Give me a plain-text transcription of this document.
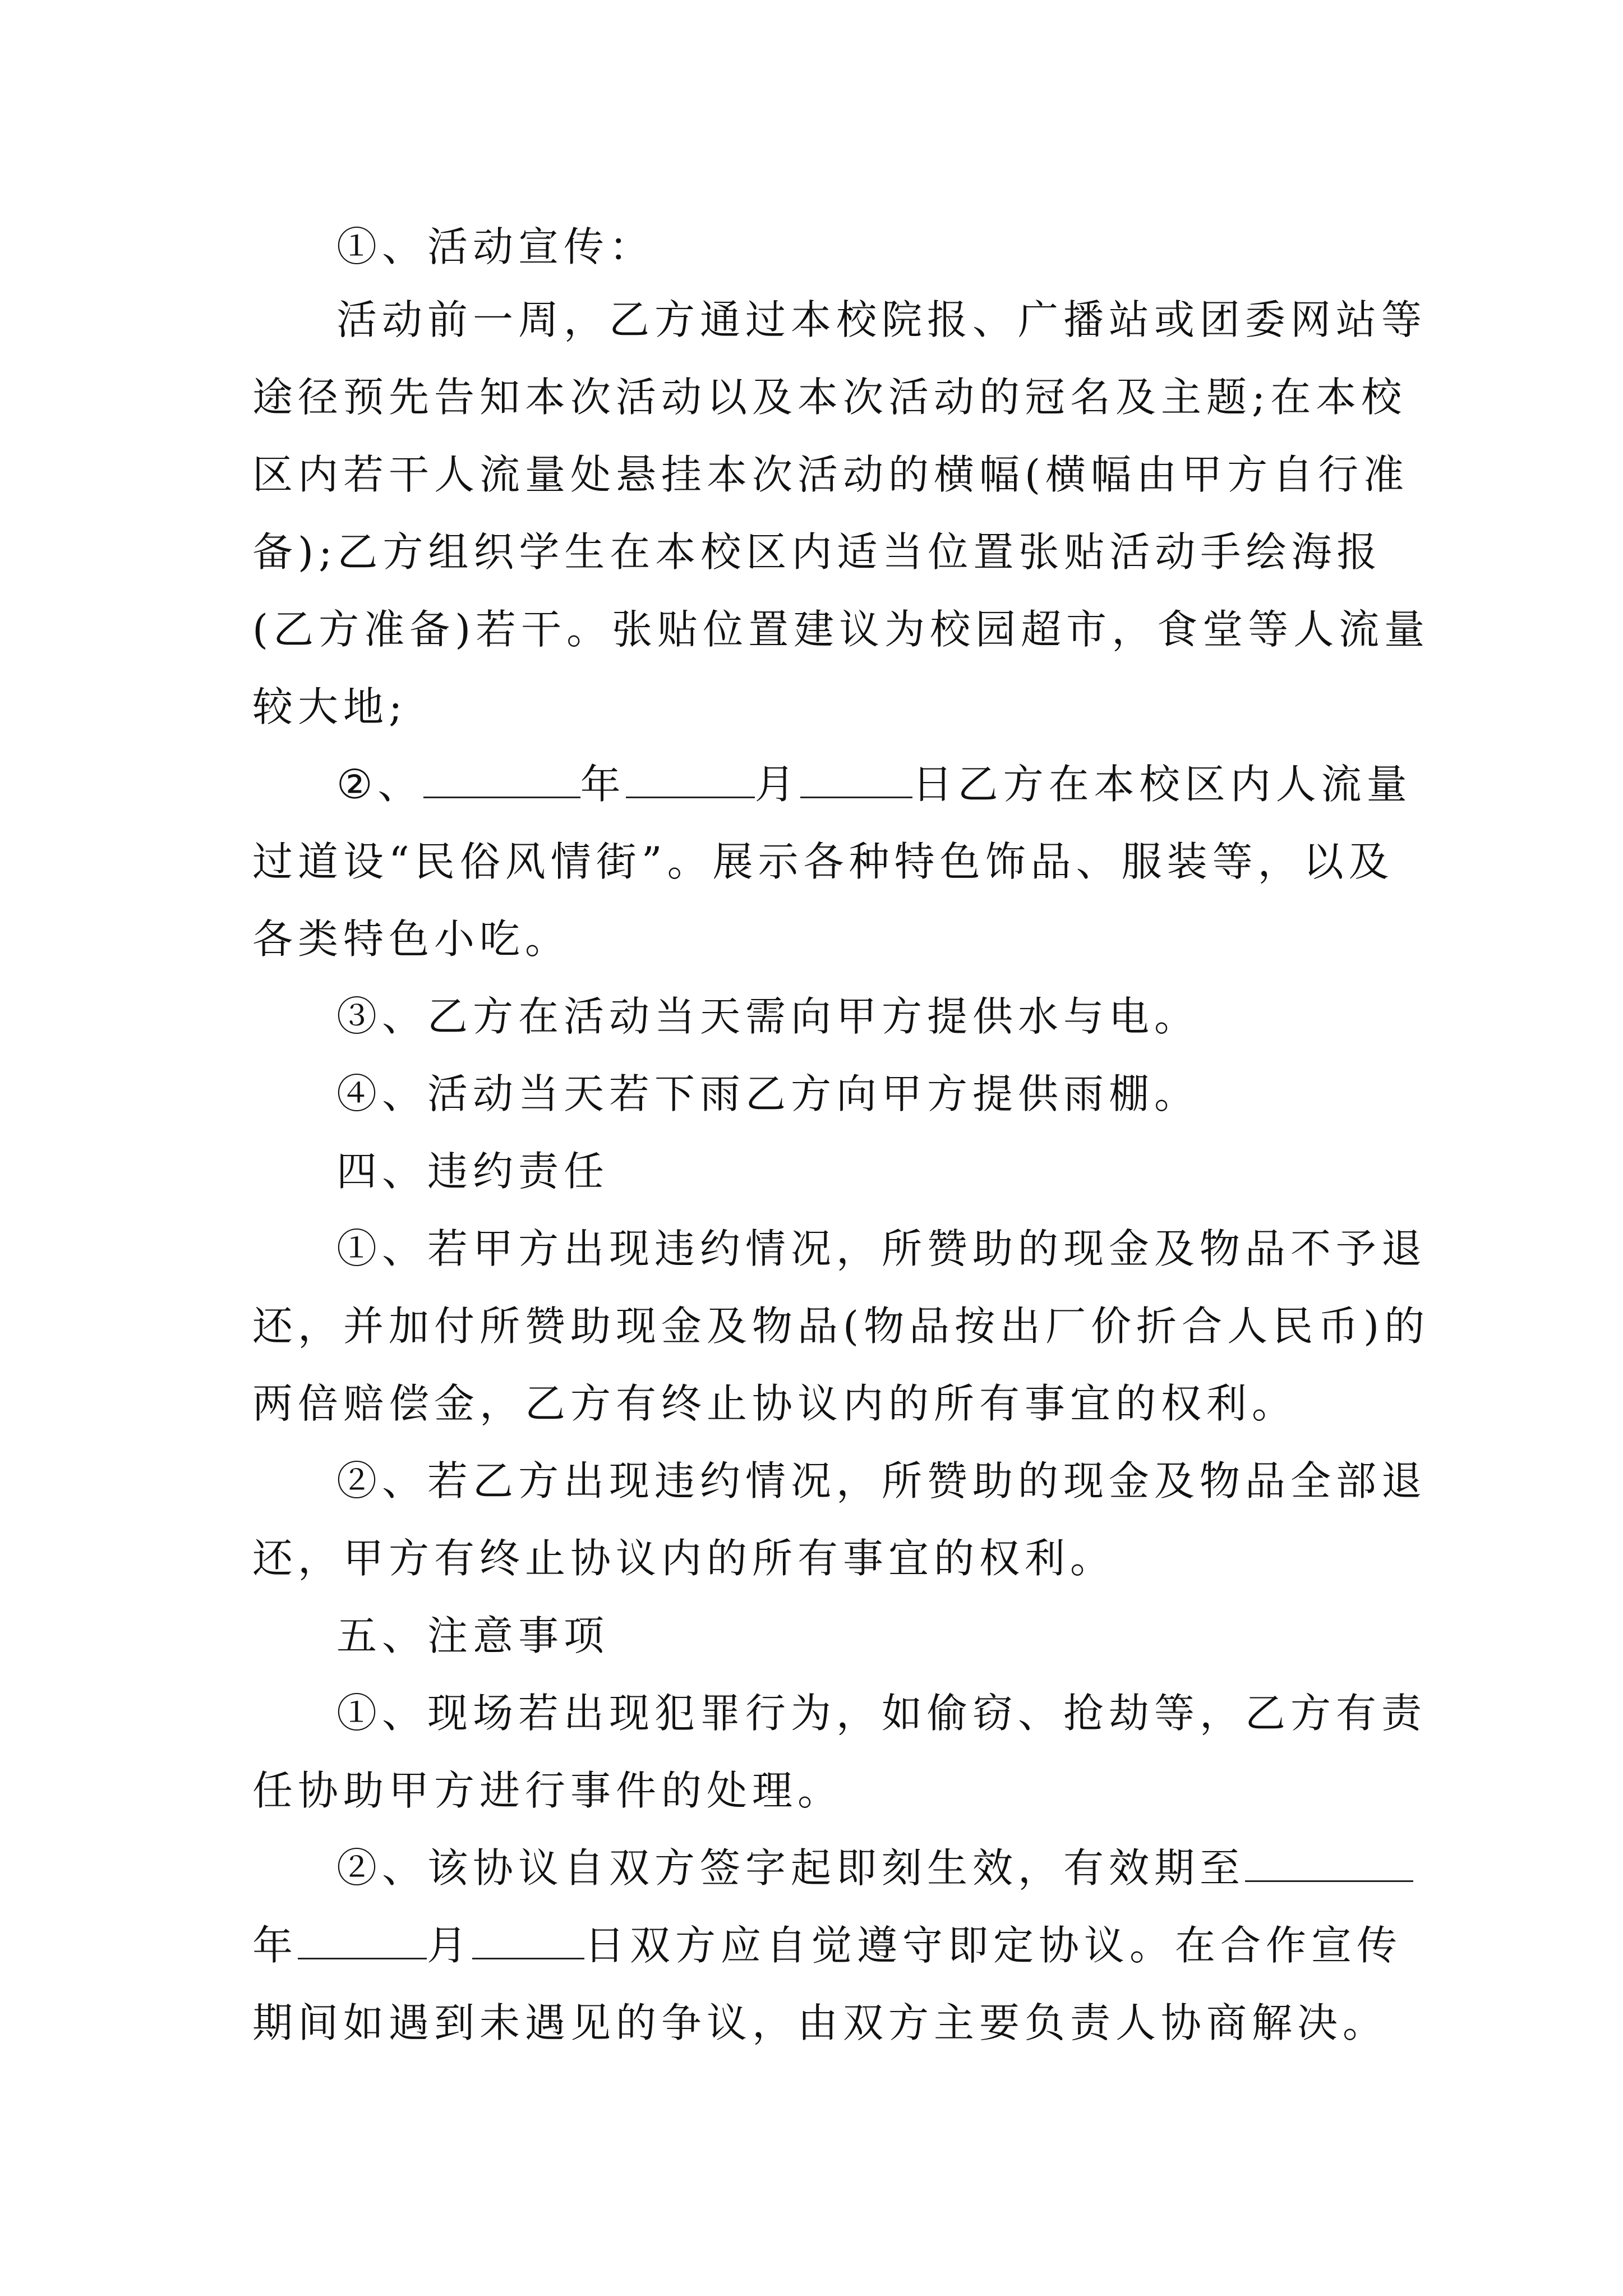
①、活动宣传：
活动前一周，乙方通过本校院报、广播站或团委网站等
途径预先告知本次活动以及本次活动的冠名及主题;在本校
区内若干人流量处悬挂本次活动的横幅(横幅由甲方自行准
备);乙方组织学生在本校区内适当位置张贴活动手绘海报
(乙方准备)若干。张贴位置建议为校园超市，食堂等人流量
较大地;
②、	年	月	日乙方在本校区内人流量
过道设“民俗风情街”。展示各种特色饰品、服装等，以及
各类特色小吃。
③、乙方在活动当天需向甲方提供水与电。
④、活动当天若下雨乙方向甲方提供雨棚。
四、违约责任
①、若甲方出现违约情况，所赞助的现金及物品不予退
还，并加付所赞助现金及物品(物品按出厂价折合人民币)的
两倍赔偿金，乙方有终止协议内的所有事宜的权利。
②、若乙方出现违约情况，所赞助的现金及物品全部退
还，甲方有终止协议内的所有事宜的权利。
五、注意事项
①、现场若出现犯罪行为，如偷窃、抢劫等，乙方有责
任协助甲方进行事件的处理。
②、该协议自双方签字起即刻生效，有效期至
年	月	日双方应自觉遵守即定协议。在合作宣传
期间如遇到未遇见的争议，由双方主要负责人协商解决。
